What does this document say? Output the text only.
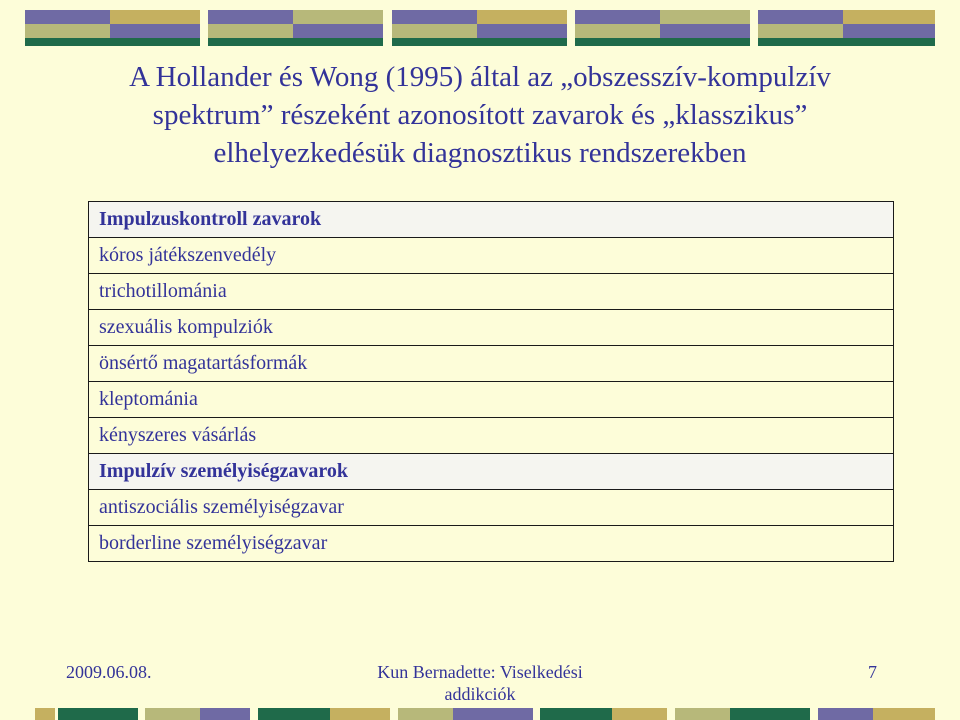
A Hollander és Wong (1995) által az „obszesszív-kompulzív
spektrum” részeként azonosított zavarok és „klasszikus”
elhelyezkedésük diagnosztikus rendszerekben
Impulzuskontroll zavarok
kóros játékszenvedély
trichotillománia
szexuális kompulziók
önsértő magatartásformák
kleptománia
kényszeres vásárlás
Impulzív személyiségzavarok
antiszociális személyiségzavar
borderline személyiségzavar
2009.06.08.	Kun Bernadette: Viselkedési
addikciók
7
